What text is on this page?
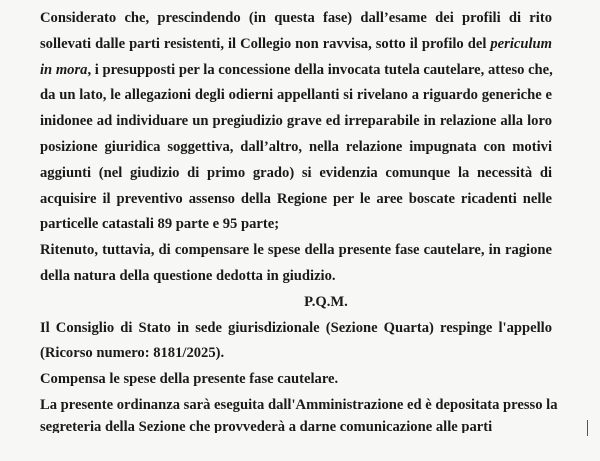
Considerato che, prescindendo (in questa fase) dall’esame dei profili di rito
sollevati dalle parti resistenti, il Collegio non ravvisa, sotto il profilo del periculum
in mora, i presupposti per la concessione della invocata tutela cautelare, atteso che,
da un lato, le allegazioni degli odierni appellanti si rivelano a riguardo generiche e
inidonee ad individuare un pregiudizio grave ed irreparabile in relazione alla loro
posizione giuridica soggettiva, dall’altro, nella relazione impugnata con motivi
aggiunti (nel giudizio di primo grado) si evidenzia comunque la necessità di
acquisire il preventivo assenso della Regione per le aree boscate ricadenti nelle
particelle catastali 89 parte e 95 parte;
Ritenuto, tuttavia, di compensare le spese della presente fase cautelare, in ragione
della natura della questione dedotta in giudizio.
P.Q.M.
Il Consiglio di Stato in sede giurisdizionale (Sezione Quarta) respinge l'appello
(Ricorso numero: 8181/2025).
Compensa le spese della presente fase cautelare.
La presente ordinanza sarà eseguita dall'Amministrazione ed è depositata presso la
segreteria della Sezione che provvederà a darne comunicazione alle parti
